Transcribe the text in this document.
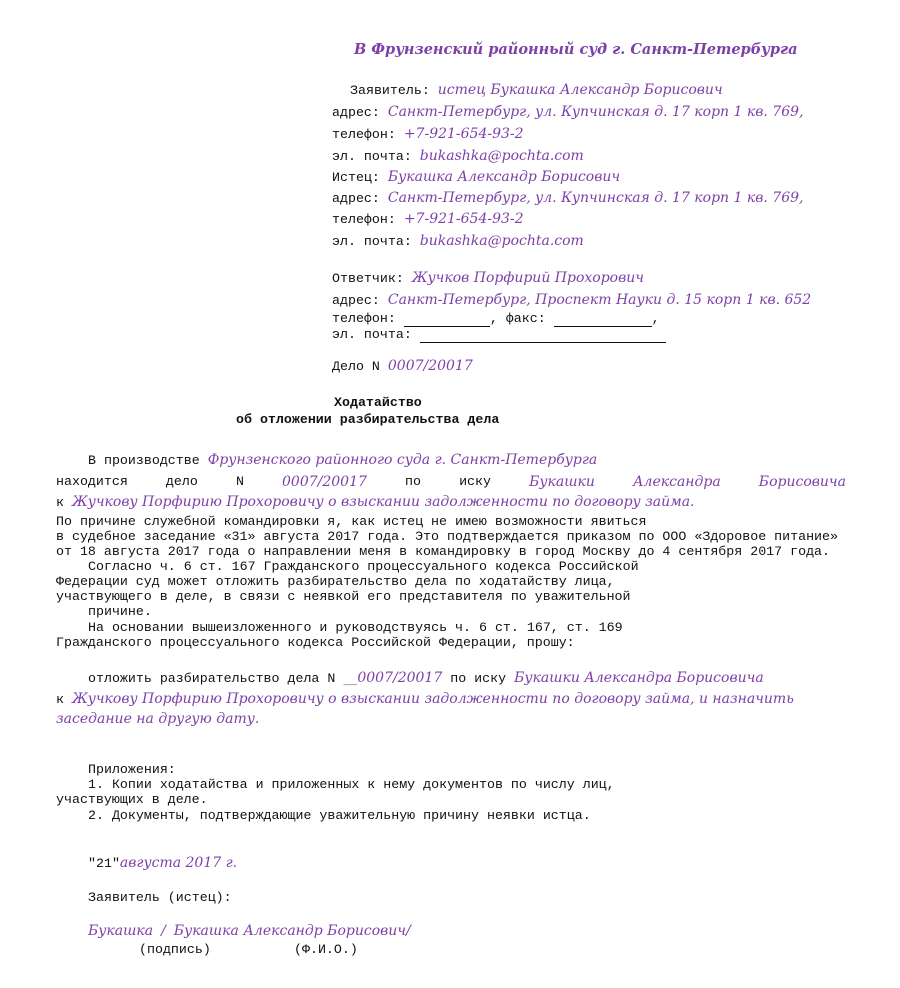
В Фрунзенский районный суд г. Санкт-Петербурга
Заявитель: истец Букашка Александр Борисович
адрес: Санкт-Петербург, ул. Купчинская д. 17 корп 1 кв. 769,
телефон: +7-921-654-93-2
эл. почта: bukashka@pochta.com
Истец: Букашка Александр Борисович
адрес: Санкт-Петербург, ул. Купчинская д. 17 корп 1 кв. 769,
телефон: +7-921-654-93-2
эл. почта: bukashka@pochta.com
Ответчик: Жучков Порфирий Прохорович
адрес: Санкт-Петербург, Проспект Науки д. 15 корп 1 кв. 652
телефон:	, факс:	,
эл. почта:
Дело N 0007/20017
Ходатайство
об отложении разбирательства дела
В производстве Фрунзенского районного суда г. Санкт-Петербурга
находится	дело	N	0007/20017	по	иску	Букашки	Александра	Борисовича
к Жучкову Порфирию Прохоровичу о взыскании задолженности по договору займа.
По причине служебной командировки я, как истец не имею возможности явиться
в судебное заседание «31» августа 2017 года. Это подтверждается приказом по ООО «Здоровое питание»
от 18 августа 2017 года о направлении меня в командировку в город Москву до 4 сентября 2017 года.
Согласно ч. 6 ст. 167 Гражданского процессуального кодекса Российской
Федерации суд может отложить разбирательство дела по ходатайству лица,
участвующего в деле, в связи с неявкой его представителя по уважительной
причине.
На основании вышеизложенного и руководствуясь ч. 6 ст. 167, ст. 169
Гражданского процессуального кодекса Российской Федерации, прошу:
отложить разбирательство дела N __0007/20017 по иску Букашки Александра Борисовича
к Жучкову Порфирию Прохоровичу о взыскании задолженности по договору займа, и назначить
заседание на другую дату.
Приложения:
1. Копии ходатайства и приложенных к нему документов по числу лиц,
участвующих в деле.
2. Документы, подтверждающие уважительную причину неявки истца.
"21"августа 2017 г.
Заявитель (истец):
Букашка / Букашка Александр Борисович/
(подпись)	(Ф.И.О.)
